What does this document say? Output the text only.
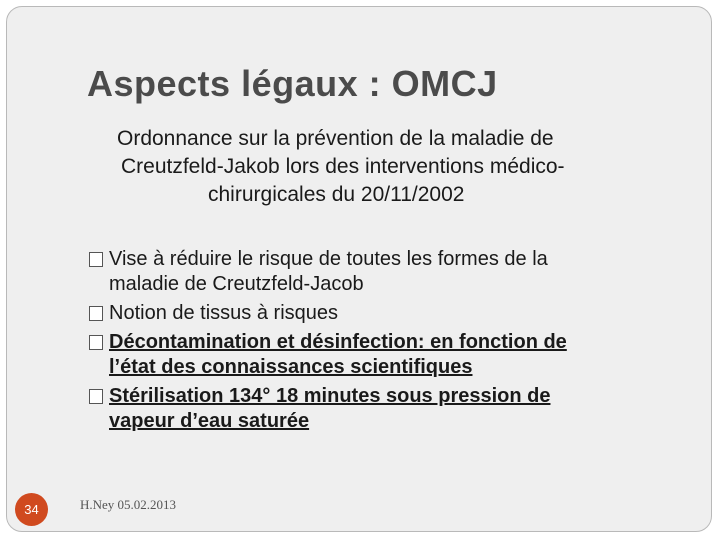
Aspects légaux : OMCJ
Ordonnance sur la prévention de la maladie de
Creutzfeld-Jakob lors des interventions médico-
chirurgicales du 20/11/2002
Vise à réduire le risque de toutes les formes de la
maladie de Creutzfeld-Jacob
Notion de tissus à risques
Décontamination et désinfection: en fonction de
l’état des connaissances scientifiques
Stérilisation 134° 18 minutes sous pression de
vapeur d’eau saturée
34	H.Ney 05.02.2013
